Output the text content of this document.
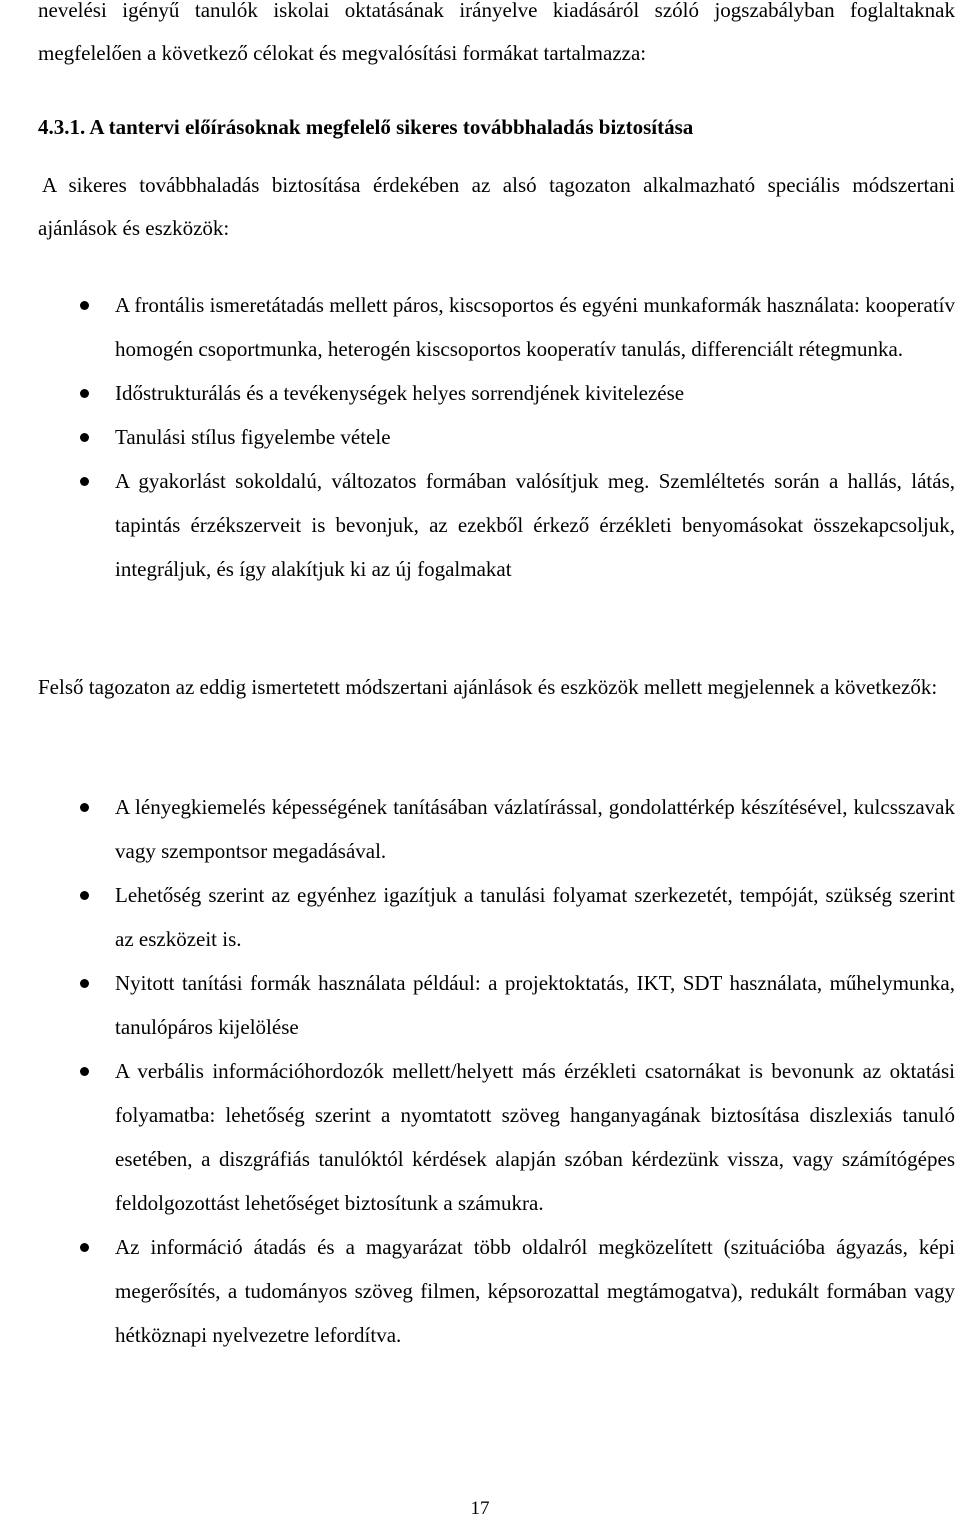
nevelési igényű tanulók iskolai oktatásának irányelve kiadásáról szóló jogszabályban foglaltaknak megfelelően a következő célokat és megvalósítási formákat tartalmazza:
4.3.1. A tantervi előírásoknak megfelelő sikeres továbbhaladás biztosítása
A sikeres továbbhaladás biztosítása érdekében az alsó tagozaton alkalmazható speciális módszertani ajánlások és eszközök:
A frontális ismeretátadás mellett páros, kiscsoportos és egyéni munkaformák használata: kooperatív homogén csoportmunka, heterogén kiscsoportos kooperatív tanulás, differenciált rétegmunka.
Időstrukturálás és a tevékenységek helyes sorrendjének kivitelezése
Tanulási stílus figyelembe vétele
A gyakorlást sokoldalú, változatos formában valósítjuk meg. Szemléltetés során a hallás, látás, tapintás érzékszerveit is bevonjuk, az ezekből érkező érzékleti benyomásokat összekapcsoljuk, integráljuk, és így alakítjuk ki az új fogalmakat
Felső tagozaton az eddig ismertetett módszertani ajánlások és eszközök mellett megjelennek a következők:
A lényegkiemelés képességének tanításában vázlatírással, gondolattérkép készítésével, kulcsszavak vagy szempontsor megadásával.
Lehetőség szerint az egyénhez igazítjuk a tanulási folyamat szerkezetét, tempóját, szükség szerint az eszközeit is.
Nyitott tanítási formák használata például: a projektoktatás, IKT, SDT használata, műhelymunka, tanulópáros kijelölése
A verbális információhordozók mellett/helyett más érzékleti csatornákat is bevonunk az oktatási folyamatba: lehetőség szerint a nyomtatott szöveg hanganyagának biztosítása diszlexiás tanuló esetében, a diszgráfiás tanulóktól kérdések alapján szóban kérdezünk vissza, vagy számítógépes feldolgozottást lehetőséget biztosítunk a számukra.
Az információ átadás és a magyarázat több oldalról megközelített (szituációba ágyazás, képi megerősítés, a tudományos szöveg filmen, képsorozattal megtámogatva), redukált formában vagy hétköznapi nyelvezetre lefordítva.
17
